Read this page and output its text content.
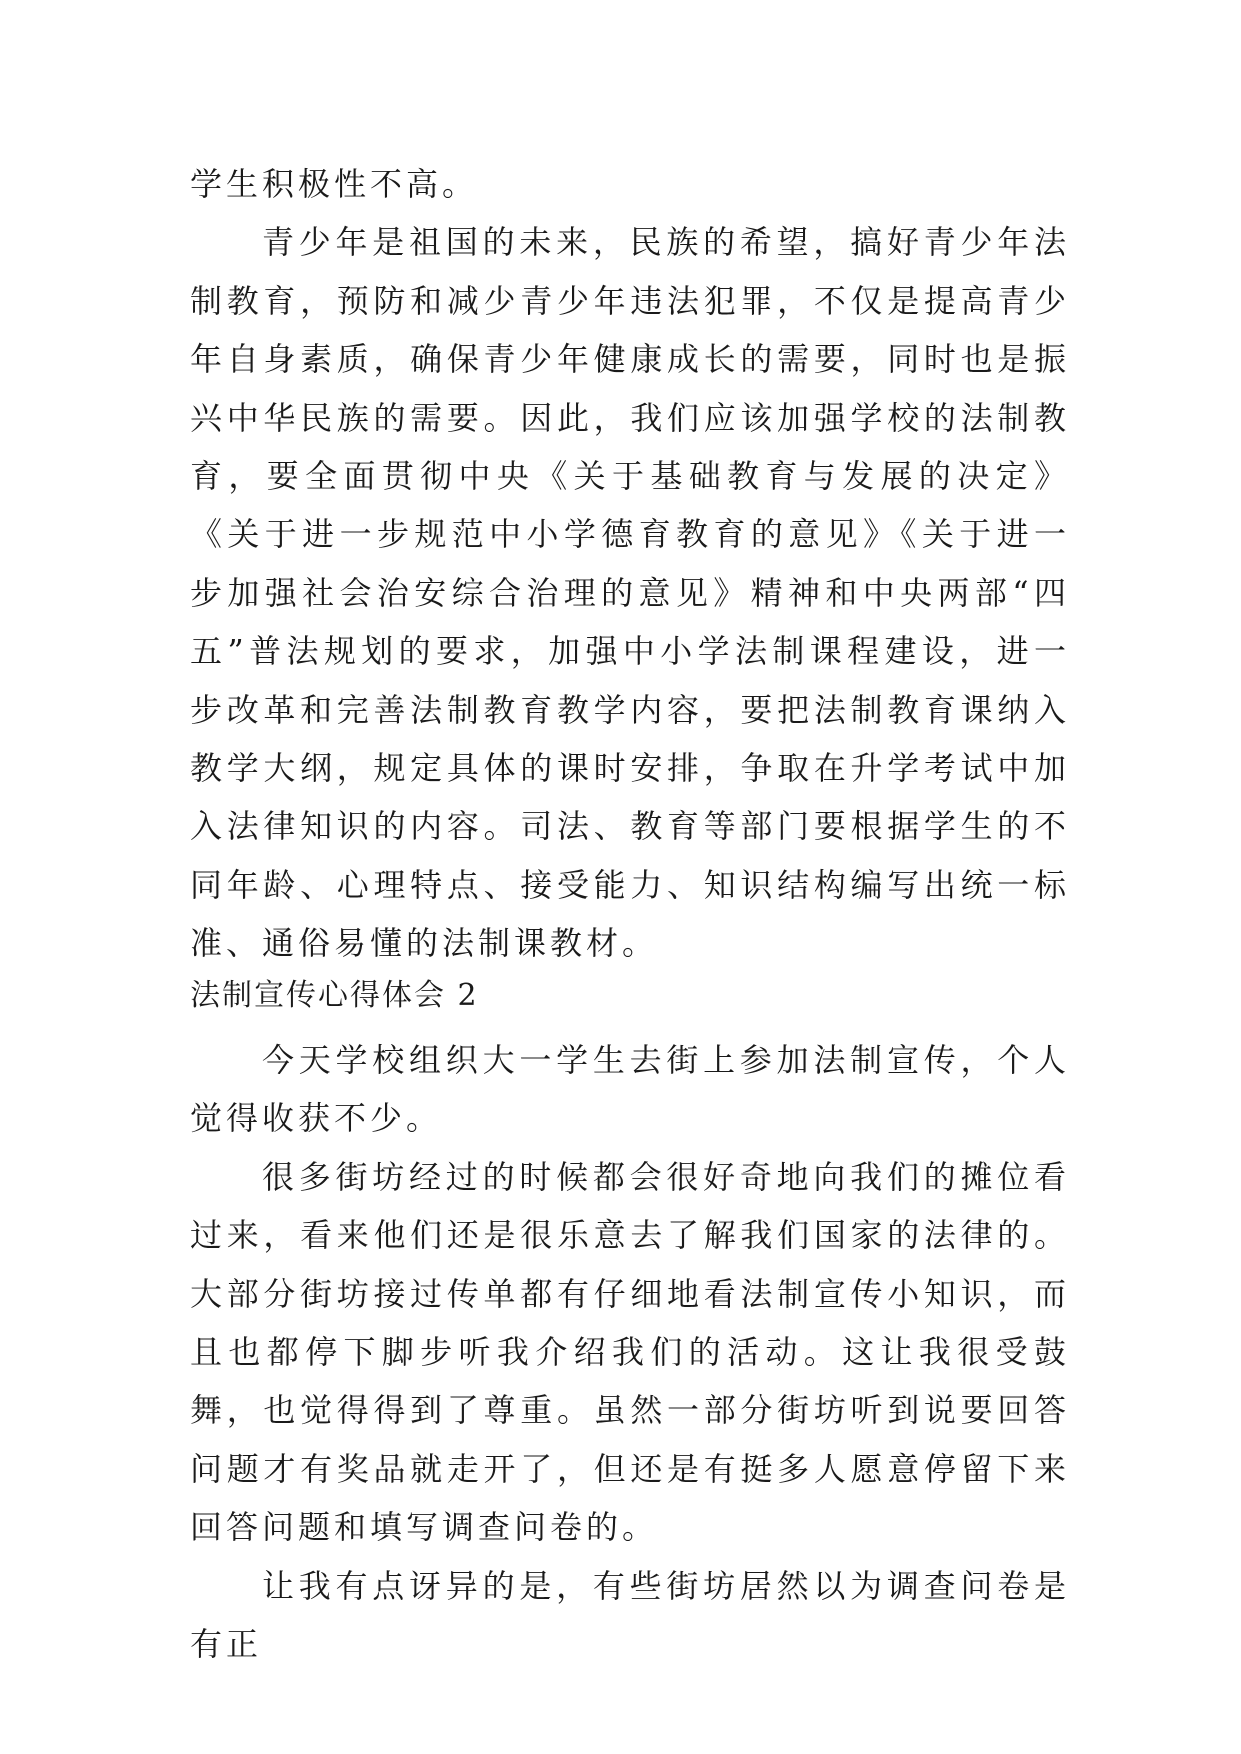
学生积极性不高。

青少年是祖国的未来，民族的希望，搞好青少年法制教育，预防和减少青少年违法犯罪，不仅是提高青少年自身素质，确保青少年健康成长的需要，同时也是振兴中华民族的需要。因此，我们应该加强学校的法制教育，要全面贯彻中央《关于基础教育与发展的决定》《关于进一步规范中小学德育教育的意见》《关于进一步加强社会治安综合治理的意见》精神和中央两部“四五”普法规划的要求，加强中小学法制课程建设，进一步改革和完善法制教育教学内容，要把法制教育课纳入教学大纲，规定具体的课时安排，争取在升学考试中加入法律知识的内容。司法、教育等部门要根据学生的不同年龄、心理特点、接受能力、知识结构编写出统一标准、通俗易懂的法制课教材。

法制宣传心得体会 2

今天学校组织大一学生去街上参加法制宣传，个人觉得收获不少。

很多街坊经过的时候都会很好奇地向我们的摊位看过来，看来他们还是很乐意去了解我们国家的法律的。大部分街坊接过传单都有仔细地看法制宣传小知识，而且也都停下脚步听我介绍我们的活动。这让我很受鼓舞，也觉得得到了尊重。虽然一部分街坊听到说要回答问题才有奖品就走开了，但还是有挺多人愿意停留下来回答问题和填写调查问卷的。

让我有点讶异的是，有些街坊居然以为调查问卷是有正
